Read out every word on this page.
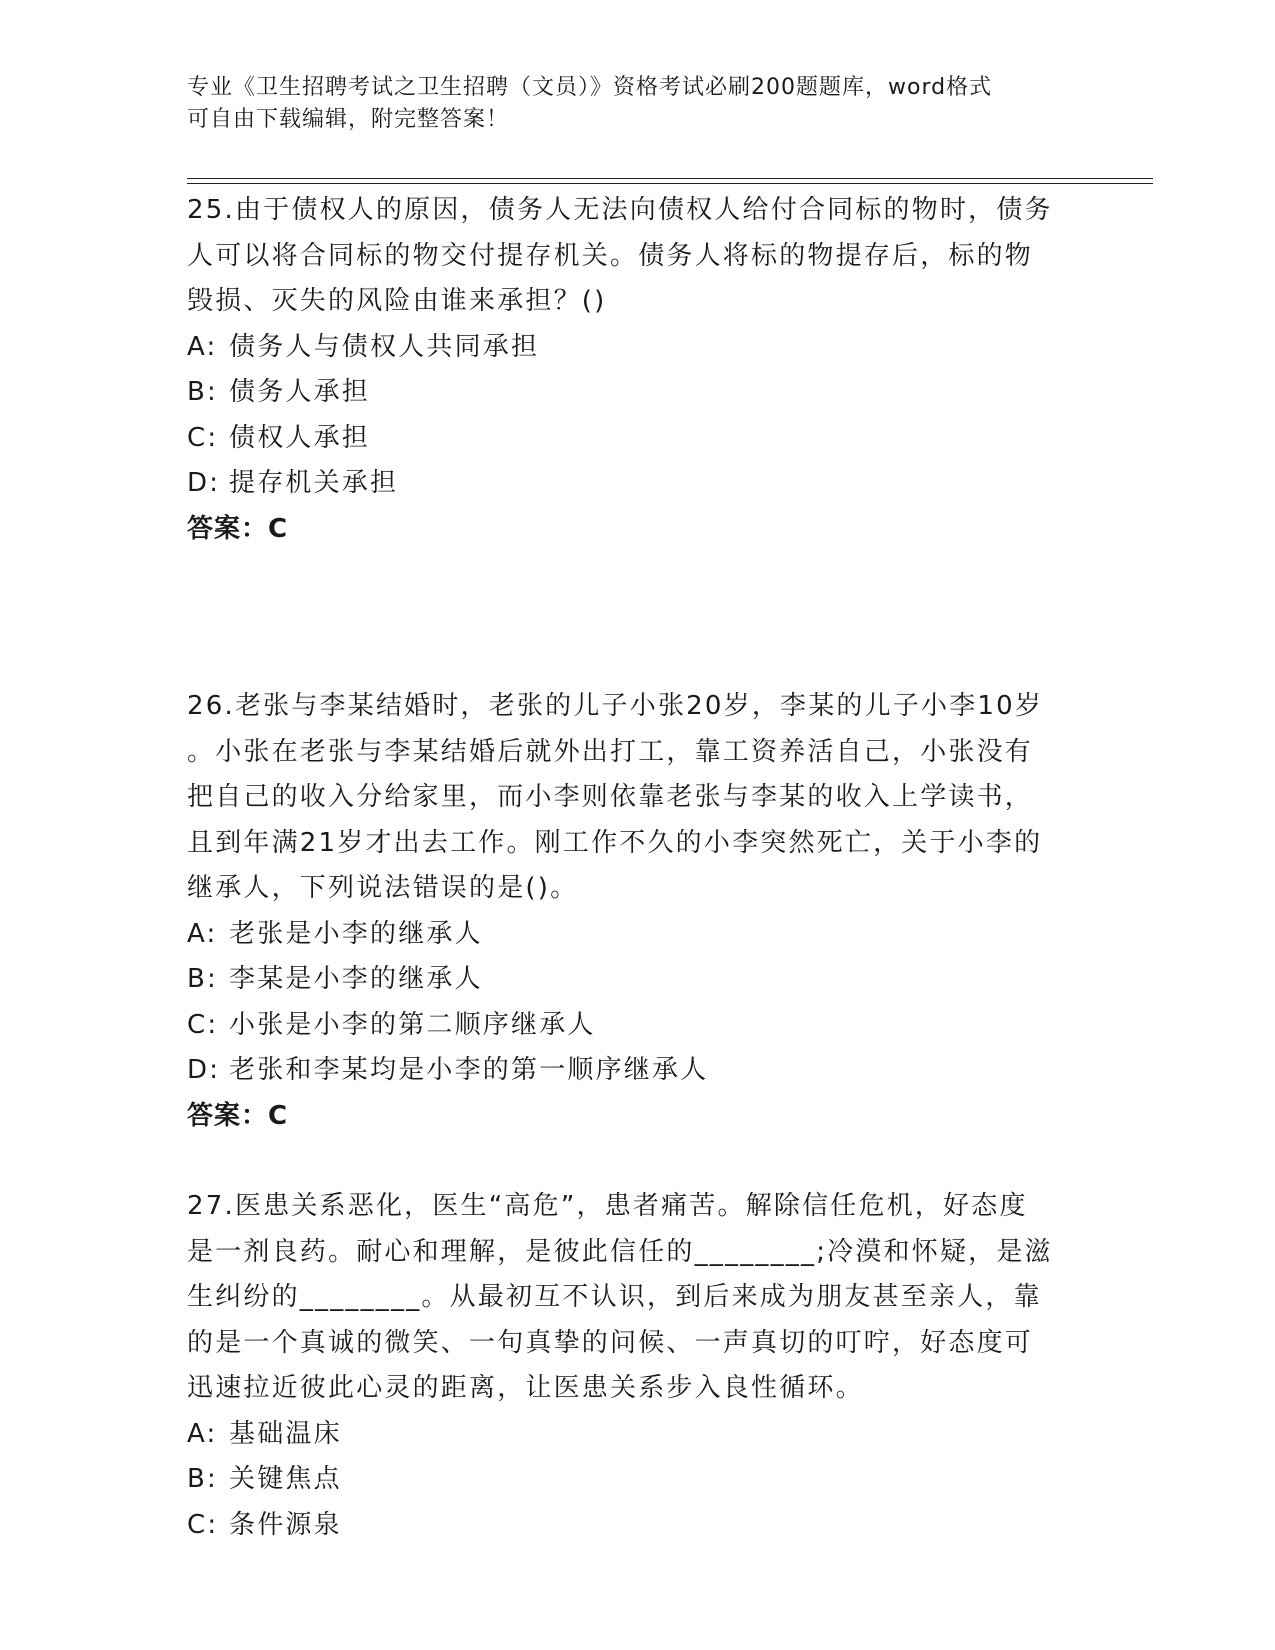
专业《卫生招聘考试之卫生招聘（文员）》资格考试必刷200题题库，word格式
可自由下载编辑，附完整答案！
25.由于债权人的原因，债务人无法向债权人给付合同标的物时，债务
人可以将合同标的物交付提存机关。债务人将标的物提存后，标的物
毁损、灭失的风险由谁来承担？()
A: 债务人与债权人共同承担
B: 债务人承担
C: 债权人承担
D: 提存机关承担
答案：C
26.老张与李某结婚时，老张的儿子小张20岁，李某的儿子小李10岁
。小张在老张与李某结婚后就外出打工，靠工资养活自己，小张没有
把自己的收入分给家里，而小李则依靠老张与李某的收入上学读书，
且到年满21岁才出去工作。刚工作不久的小李突然死亡，关于小李的
继承人，下列说法错误的是()。
A: 老张是小李的继承人
B: 李某是小李的继承人
C: 小张是小李的第二顺序继承人
D: 老张和李某均是小李的第一顺序继承人
答案：C
27.医患关系恶化，医生“高危”，患者痛苦。解除信任危机，好态度
是一剂良药。耐心和理解，是彼此信任的________;冷漠和怀疑，是滋
生纠纷的________。从最初互不认识，到后来成为朋友甚至亲人，靠
的是一个真诚的微笑、一句真挚的问候、一声真切的叮咛，好态度可
迅速拉近彼此心灵的距离，让医患关系步入良性循环。
A: 基础温床
B: 关键焦点
C: 条件源泉
